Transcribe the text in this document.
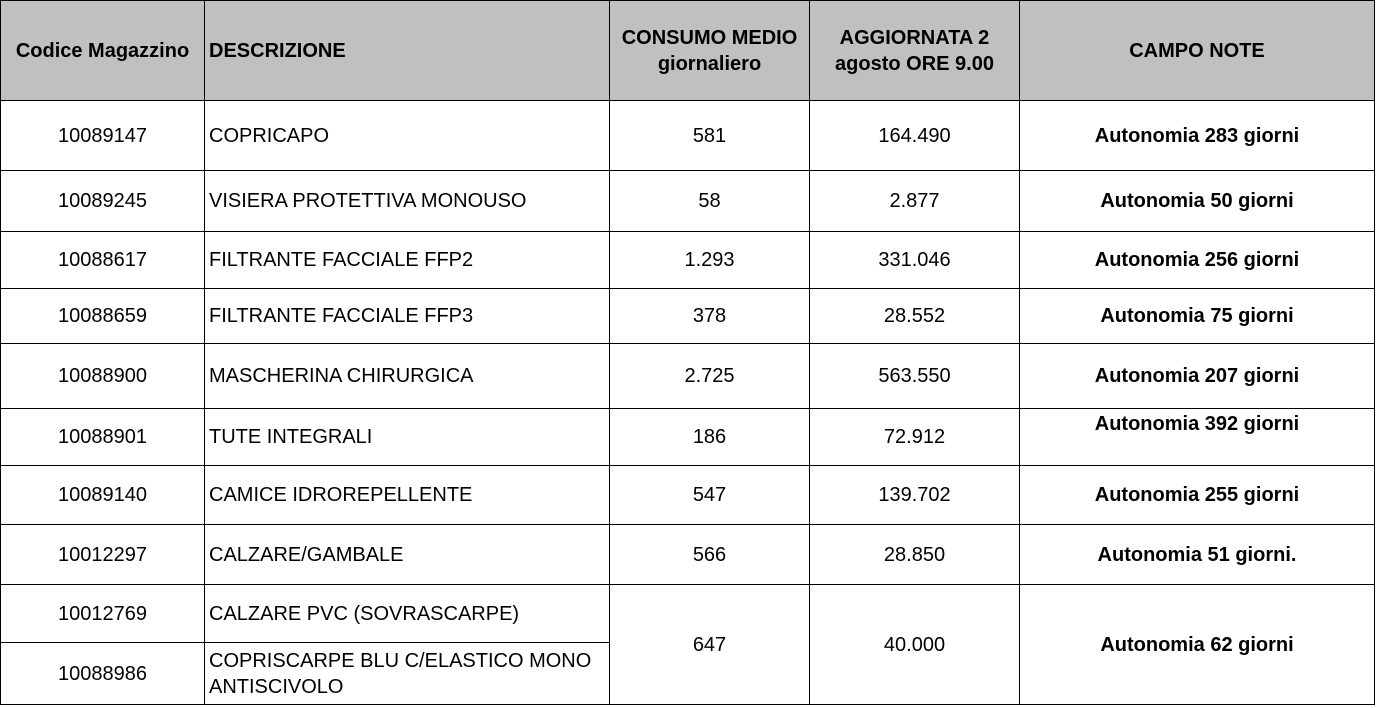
Codice Magazzino	DESCRIZIONE	CONSUMO MEDIO giornaliero	AGGIORNATA 2 agosto ORE 9.00	CAMPO NOTE
10089147	COPRICAPO	581	164.490	Autonomia 283 giorni
10089245	VISIERA PROTETTIVA MONOUSO	58	2.877	Autonomia 50 giorni
10088617	FILTRANTE FACCIALE FFP2	1.293	331.046	Autonomia 256 giorni
10088659	FILTRANTE FACCIALE FFP3	378	28.552	Autonomia 75 giorni
10088900	MASCHERINA CHIRURGICA	2.725	563.550	Autonomia 207 giorni
10088901	TUTE INTEGRALI	186	72.912	Autonomia 392 giorni
10089140	CAMICE IDROREPELLENTE	547	139.702	Autonomia 255 giorni
10012297	CALZARE/GAMBALE	566	28.850	Autonomia 51 giorni.
10012769	CALZARE PVC (SOVRASCARPE)	647	40.000	Autonomia 62 giorni
10088986	COPRISCARPE BLU C/ELASTICO MONO ANTISCIVOLO			
